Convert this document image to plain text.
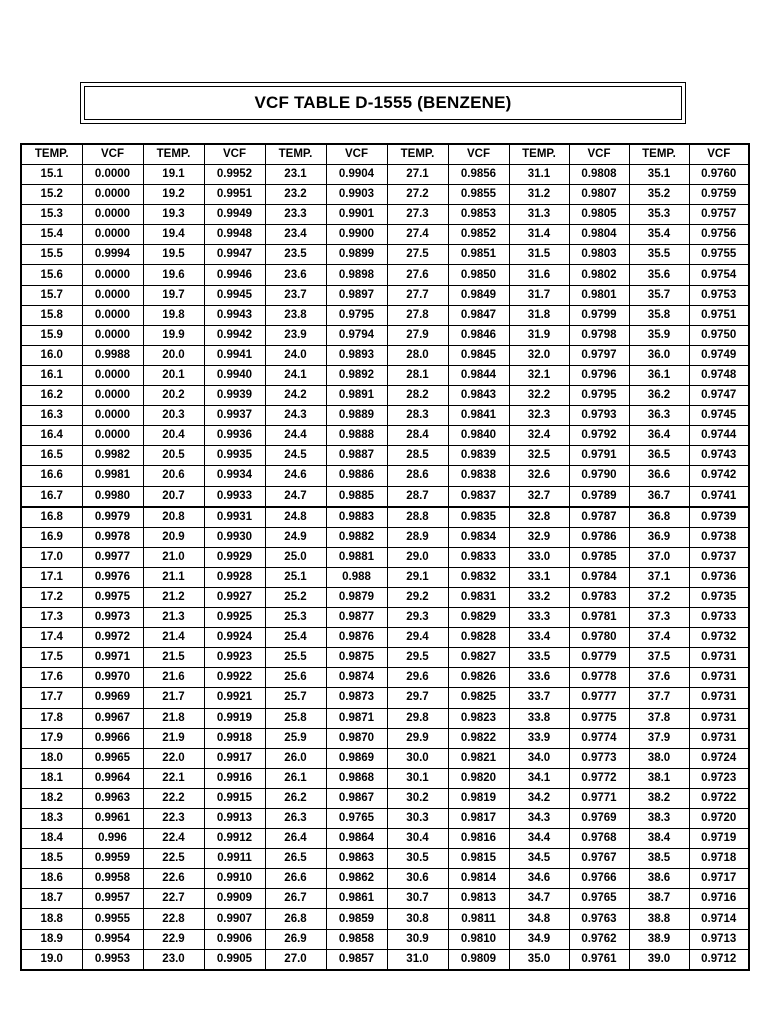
VCF TABLE D-1555 (BENZENE)
TEMP.	VCF	TEMP.	VCF	TEMP.	VCF	TEMP.	VCF	TEMP.	VCF	TEMP.	VCF
15.1	0.0000	19.1	0.9952	23.1	0.9904	27.1	0.9856	31.1	0.9808	35.1	0.9760
15.2	0.0000	19.2	0.9951	23.2	0.9903	27.2	0.9855	31.2	0.9807	35.2	0.9759
15.3	0.0000	19.3	0.9949	23.3	0.9901	27.3	0.9853	31.3	0.9805	35.3	0.9757
15.4	0.0000	19.4	0.9948	23.4	0.9900	27.4	0.9852	31.4	0.9804	35.4	0.9756
15.5	0.9994	19.5	0.9947	23.5	0.9899	27.5	0.9851	31.5	0.9803	35.5	0.9755
15.6	0.0000	19.6	0.9946	23.6	0.9898	27.6	0.9850	31.6	0.9802	35.6	0.9754
15.7	0.0000	19.7	0.9945	23.7	0.9897	27.7	0.9849	31.7	0.9801	35.7	0.9753
15.8	0.0000	19.8	0.9943	23.8	0.9795	27.8	0.9847	31.8	0.9799	35.8	0.9751
15.9	0.0000	19.9	0.9942	23.9	0.9794	27.9	0.9846	31.9	0.9798	35.9	0.9750
16.0	0.9988	20.0	0.9941	24.0	0.9893	28.0	0.9845	32.0	0.9797	36.0	0.9749
16.1	0.0000	20.1	0.9940	24.1	0.9892	28.1	0.9844	32.1	0.9796	36.1	0.9748
16.2	0.0000	20.2	0.9939	24.2	0.9891	28.2	0.9843	32.2	0.9795	36.2	0.9747
16.3	0.0000	20.3	0.9937	24.3	0.9889	28.3	0.9841	32.3	0.9793	36.3	0.9745
16.4	0.0000	20.4	0.9936	24.4	0.9888	28.4	0.9840	32.4	0.9792	36.4	0.9744
16.5	0.9982	20.5	0.9935	24.5	0.9887	28.5	0.9839	32.5	0.9791	36.5	0.9743
16.6	0.9981	20.6	0.9934	24.6	0.9886	28.6	0.9838	32.6	0.9790	36.6	0.9742
16.7	0.9980	20.7	0.9933	24.7	0.9885	28.7	0.9837	32.7	0.9789	36.7	0.9741
16.8	0.9979	20.8	0.9931	24.8	0.9883	28.8	0.9835	32.8	0.9787	36.8	0.9739
16.9	0.9978	20.9	0.9930	24.9	0.9882	28.9	0.9834	32.9	0.9786	36.9	0.9738
17.0	0.9977	21.0	0.9929	25.0	0.9881	29.0	0.9833	33.0	0.9785	37.0	0.9737
17.1	0.9976	21.1	0.9928	25.1	0.988	29.1	0.9832	33.1	0.9784	37.1	0.9736
17.2	0.9975	21.2	0.9927	25.2	0.9879	29.2	0.9831	33.2	0.9783	37.2	0.9735
17.3	0.9973	21.3	0.9925	25.3	0.9877	29.3	0.9829	33.3	0.9781	37.3	0.9733
17.4	0.9972	21.4	0.9924	25.4	0.9876	29.4	0.9828	33.4	0.9780	37.4	0.9732
17.5	0.9971	21.5	0.9923	25.5	0.9875	29.5	0.9827	33.5	0.9779	37.5	0.9731
17.6	0.9970	21.6	0.9922	25.6	0.9874	29.6	0.9826	33.6	0.9778	37.6	0.9731
17.7	0.9969	21.7	0.9921	25.7	0.9873	29.7	0.9825	33.7	0.9777	37.7	0.9731
17.8	0.9967	21.8	0.9919	25.8	0.9871	29.8	0.9823	33.8	0.9775	37.8	0.9731
17.9	0.9966	21.9	0.9918	25.9	0.9870	29.9	0.9822	33.9	0.9774	37.9	0.9731
18.0	0.9965	22.0	0.9917	26.0	0.9869	30.0	0.9821	34.0	0.9773	38.0	0.9724
18.1	0.9964	22.1	0.9916	26.1	0.9868	30.1	0.9820	34.1	0.9772	38.1	0.9723
18.2	0.9963	22.2	0.9915	26.2	0.9867	30.2	0.9819	34.2	0.9771	38.2	0.9722
18.3	0.9961	22.3	0.9913	26.3	0.9765	30.3	0.9817	34.3	0.9769	38.3	0.9720
18.4	0.996	22.4	0.9912	26.4	0.9864	30.4	0.9816	34.4	0.9768	38.4	0.9719
18.5	0.9959	22.5	0.9911	26.5	0.9863	30.5	0.9815	34.5	0.9767	38.5	0.9718
18.6	0.9958	22.6	0.9910	26.6	0.9862	30.6	0.9814	34.6	0.9766	38.6	0.9717
18.7	0.9957	22.7	0.9909	26.7	0.9861	30.7	0.9813	34.7	0.9765	38.7	0.9716
18.8	0.9955	22.8	0.9907	26.8	0.9859	30.8	0.9811	34.8	0.9763	38.8	0.9714
18.9	0.9954	22.9	0.9906	26.9	0.9858	30.9	0.9810	34.9	0.9762	38.9	0.9713
19.0	0.9953	23.0	0.9905	27.0	0.9857	31.0	0.9809	35.0	0.9761	39.0	0.9712
